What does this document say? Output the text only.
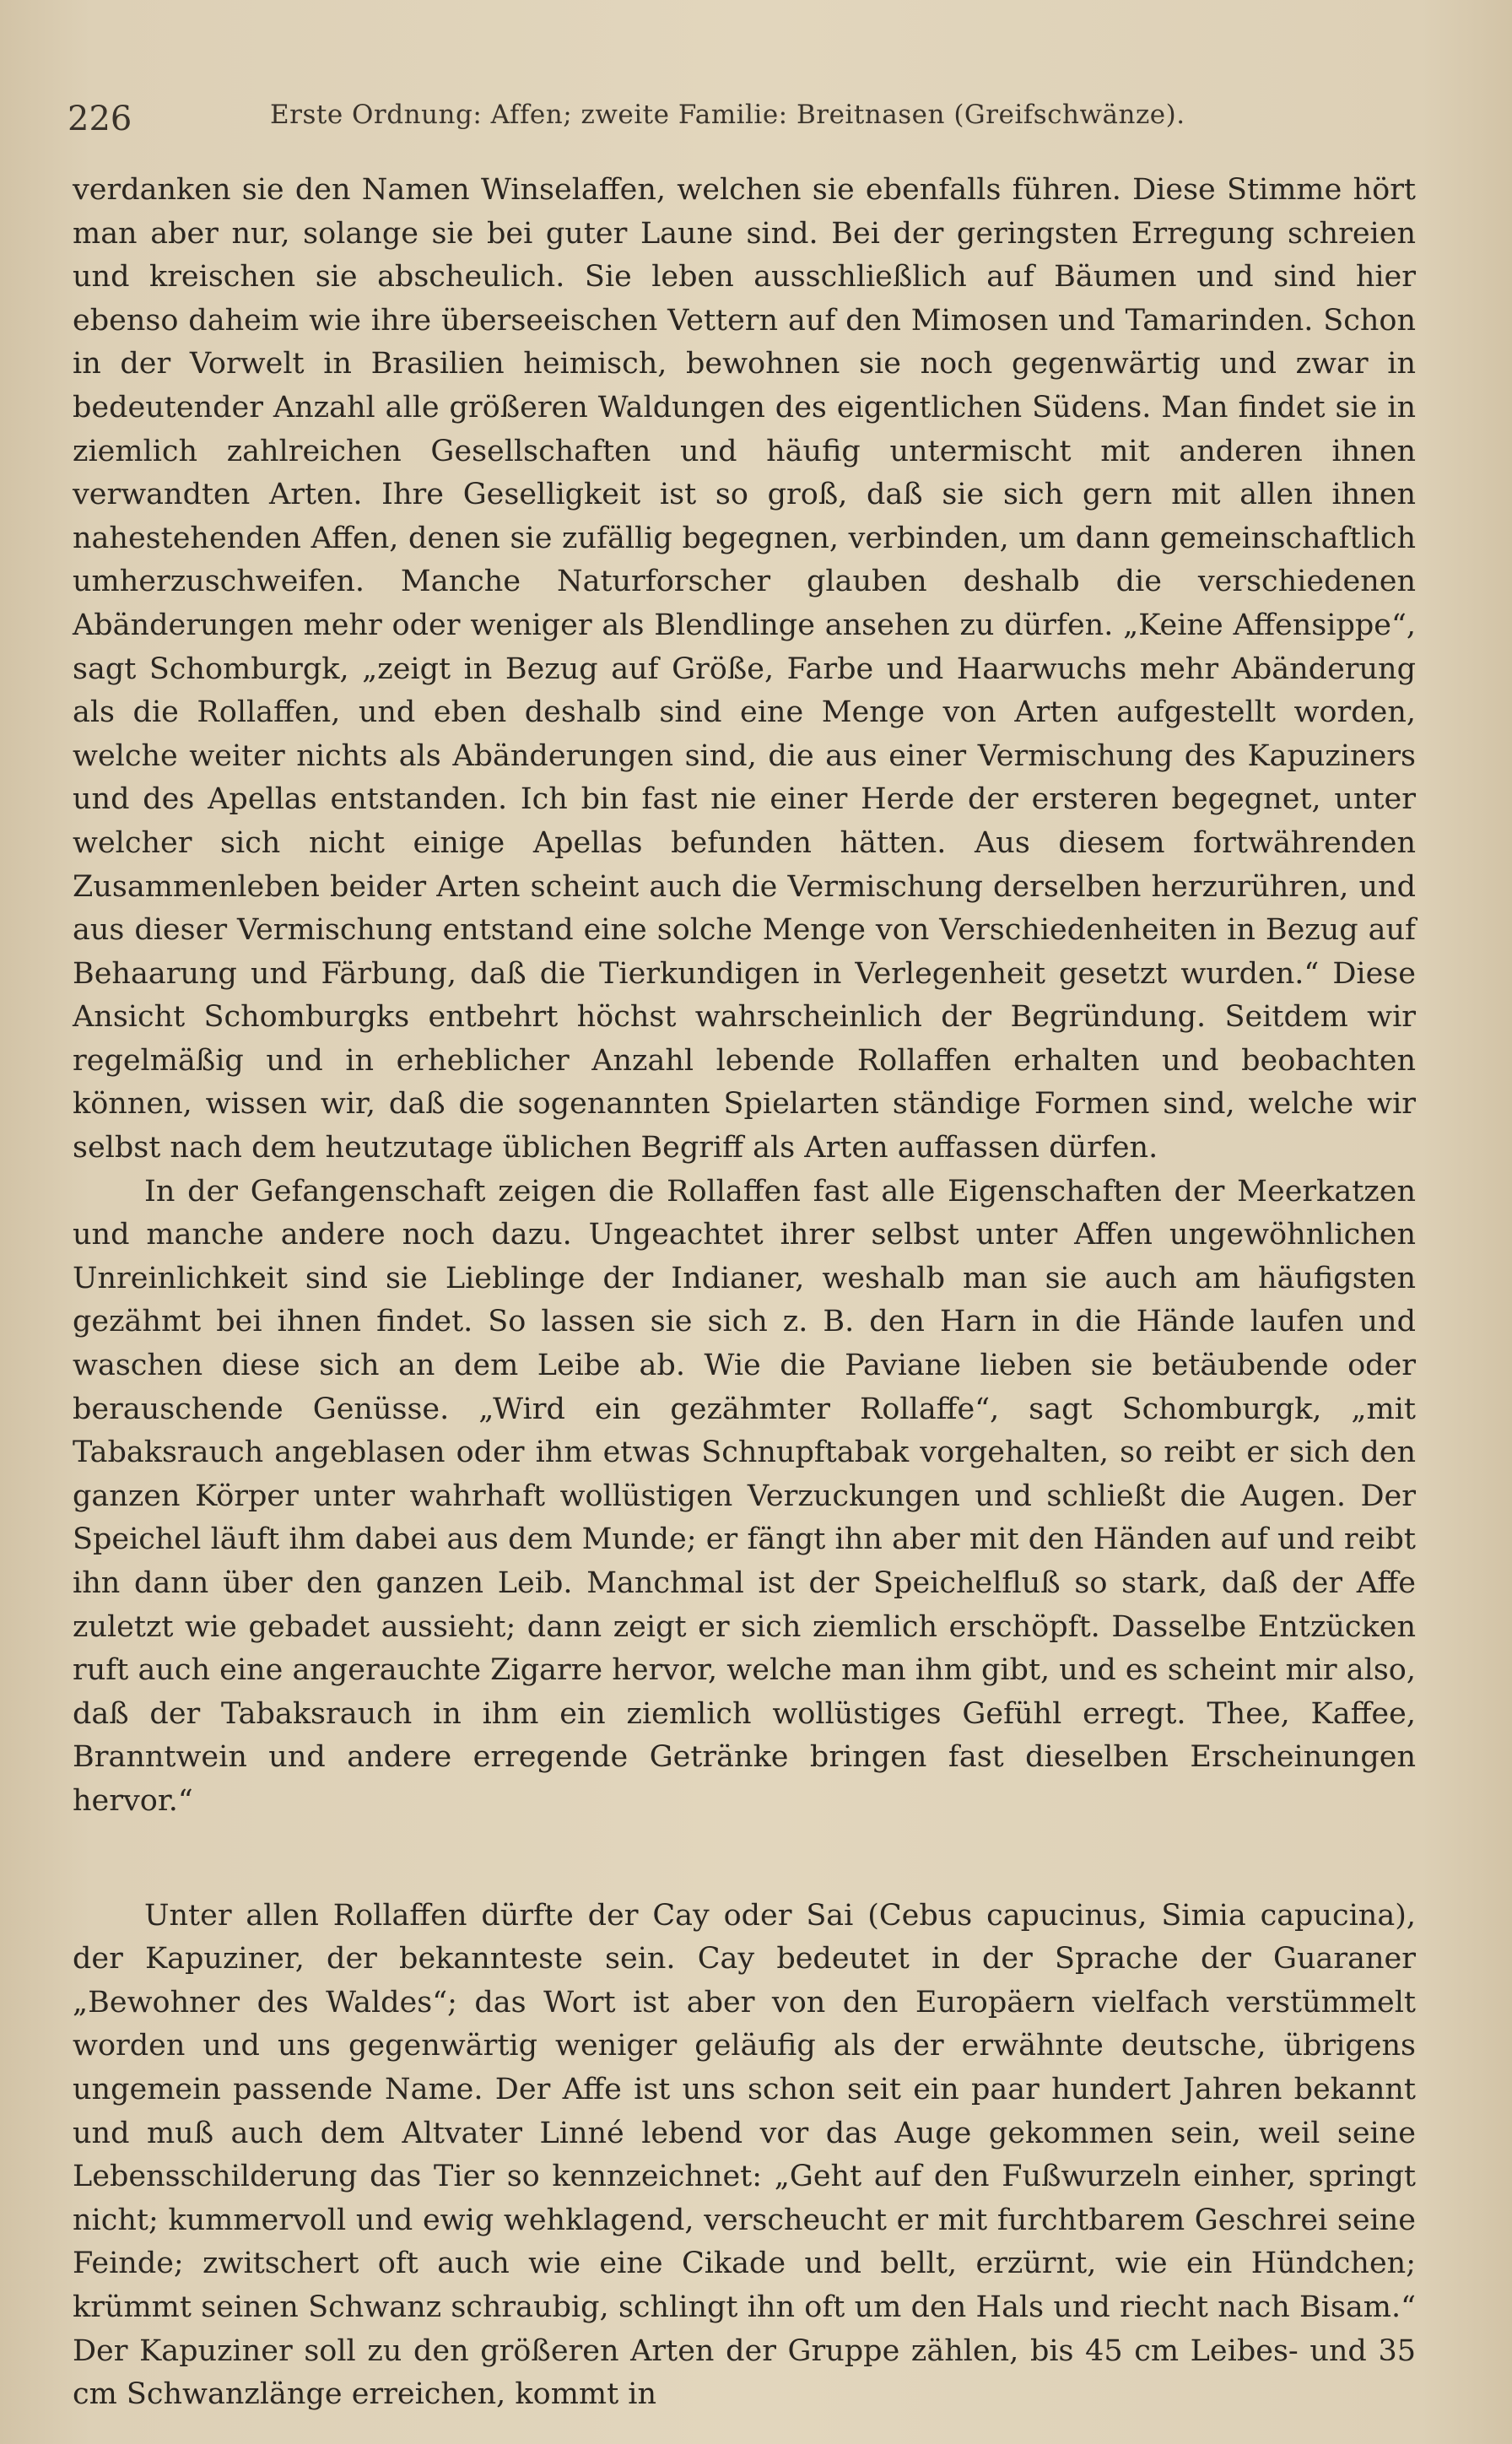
226	Erste Ordnung: Affen; zweite Familie: Breitnasen (Greifschwänze).

verdanken sie den Namen Winselaffen, welchen sie ebenfalls führen. Diese Stimme hört man aber nur, solange sie bei guter Laune sind. Bei der geringsten Erregung schreien und kreischen sie abscheulich. Sie leben ausschließlich auf Bäumen und sind hier ebenso daheim wie ihre überseeischen Vettern auf den Mimosen und Tamarinden. Schon in der Vorwelt in Brasilien heimisch, bewohnen sie noch gegenwärtig und zwar in bedeutender Anzahl alle größeren Waldungen des eigentlichen Südens. Man findet sie in ziemlich zahlreichen Gesellschaften und häufig untermischt mit anderen ihnen verwandten Arten. Ihre Geselligkeit ist so groß, daß sie sich gern mit allen ihnen nahestehenden Affen, denen sie zufällig begegnen, verbinden, um dann gemeinschaftlich umherzuschweifen. Manche Naturforscher glauben deshalb die verschiedenen Abänderungen mehr oder weniger als Blendlinge ansehen zu dürfen. „Keine Affensippe“, sagt Schomburgk, „zeigt in Bezug auf Größe, Farbe und Haarwuchs mehr Abänderung als die Rollaffen, und eben deshalb sind eine Menge von Arten aufgestellt worden, welche weiter nichts als Abänderungen sind, die aus einer Vermischung des Kapuziners und des Apellas entstanden. Ich bin fast nie einer Herde der ersteren begegnet, unter welcher sich nicht einige Apellas befunden hätten. Aus diesem fortwährenden Zusammenleben beider Arten scheint auch die Vermischung derselben herzurühren, und aus dieser Vermischung entstand eine solche Menge von Verschiedenheiten in Bezug auf Behaarung und Färbung, daß die Tierkundigen in Verlegenheit gesetzt wurden.“ Diese Ansicht Schomburgks entbehrt höchst wahrscheinlich der Begründung. Seitdem wir regelmäßig und in erheblicher Anzahl lebende Rollaffen erhalten und beobachten können, wissen wir, daß die sogenannten Spielarten ständige Formen sind, welche wir selbst nach dem heutzutage üblichen Begriff als Arten auffassen dürfen.

In der Gefangenschaft zeigen die Rollaffen fast alle Eigenschaften der Meerkatzen und manche andere noch dazu. Ungeachtet ihrer selbst unter Affen ungewöhnlichen Unreinlichkeit sind sie Lieblinge der Indianer, weshalb man sie auch am häufigsten gezähmt bei ihnen findet. So lassen sie sich z. B. den Harn in die Hände laufen und waschen diese sich an dem Leibe ab. Wie die Paviane lieben sie betäubende oder berauschende Genüsse. „Wird ein gezähmter Rollaffe“, sagt Schomburgk, „mit Tabaksrauch angeblasen oder ihm etwas Schnupftabak vorgehalten, so reibt er sich den ganzen Körper unter wahrhaft wollüstigen Verzuckungen und schließt die Augen. Der Speichel läuft ihm dabei aus dem Munde; er fängt ihn aber mit den Händen auf und reibt ihn dann über den ganzen Leib. Manchmal ist der Speichelfluß so stark, daß der Affe zuletzt wie gebadet aussieht; dann zeigt er sich ziemlich erschöpft. Dasselbe Entzücken ruft auch eine angerauchte Zigarre hervor, welche man ihm gibt, und es scheint mir also, daß der Tabaksrauch in ihm ein ziemlich wollüstiges Gefühl erregt. Thee, Kaffee, Branntwein und andere erregende Getränke bringen fast dieselben Erscheinungen hervor.“

Unter allen Rollaffen dürfte der Cay oder Sai (Cebus capucinus, Simia capucina), der Kapuziner, der bekannteste sein. Cay bedeutet in der Sprache der Guaraner „Bewohner des Waldes“; das Wort ist aber von den Europäern vielfach verstümmelt worden und uns gegenwärtig weniger geläufig als der erwähnte deutsche, übrigens ungemein passende Name. Der Affe ist uns schon seit ein paar hundert Jahren bekannt und muß auch dem Altvater Linné lebend vor das Auge gekommen sein, weil seine Lebensschilderung das Tier so kennzeichnet: „Geht auf den Fußwurzeln einher, springt nicht; kummervoll und ewig wehklagend, verscheucht er mit furchtbarem Geschrei seine Feinde; zwitschert oft auch wie eine Cikade und bellt, erzürnt, wie ein Hündchen; krümmt seinen Schwanz schraubig, schlingt ihn oft um den Hals und riecht nach Bisam.“ Der Kapuziner soll zu den größeren Arten der Gruppe zählen, bis 45 cm Leibes- und 35 cm Schwanzlänge erreichen, kommt in
